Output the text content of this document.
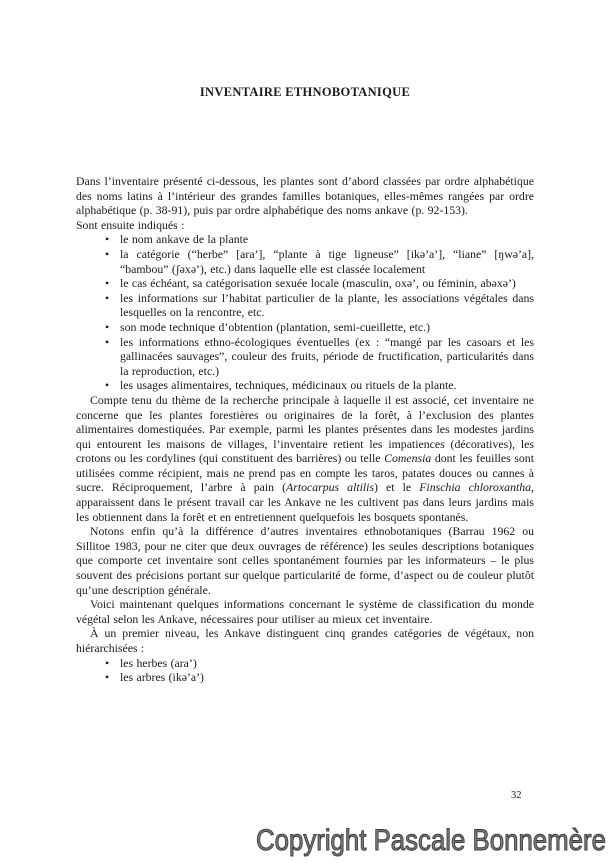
INVENTAIRE ETHNOBOTANIQUE

Dans l’inventaire présenté ci-dessous, les plantes sont d’abord classées par ordre alphabétique des noms latins à l’intérieur des grandes familles botaniques, elles-mêmes rangées par ordre alphabétique (p. 38-91), puis par ordre alphabétique des noms ankave (p. 92-153).

Sont ensuite indiqués :

• le nom ankave de la plante
• la catégorie (“herbe” [ara’], “plante à tige ligneuse” [ikə’a’], “liane” [ŋwə’a], “bambou” (ʃəxə’), etc.) dans laquelle elle est classée localement
• le cas échéant, sa catégorisation sexuée locale (masculin, oxə’, ou féminin, abəxə’)
• les informations sur l’habitat particulier de la plante, les associations végétales dans lesquelles on la rencontre, etc.
• son mode technique d’obtention (plantation, semi-cueillette, etc.)
• les informations ethno-écologiques éventuelles (ex : “mangé par les casoars et les gallinacées sauvages”, couleur des fruits, période de fructification, particularités dans la reproduction, etc.)
• les usages alimentaires, techniques, médicinaux ou rituels de la plante.

Compte tenu du thème de la recherche principale à laquelle il est associé, cet inventaire ne concerne que les plantes forestières ou originaires de la forêt, à l’exclusion des plantes alimentaires domestiquées. Par exemple, parmi les plantes présentes dans les modestes jardins qui entourent les maisons de villages, l’inventaire retient les impatiences (décoratives), les crotons ou les cordylines (qui constituent des barrières) ou telle Comensia dont les feuilles sont utilisées comme récipient, mais ne prend pas en compte les taros, patates douces ou cannes à sucre. Réciproquement, l’arbre à pain (Artocarpus altilis) et le Finschia chloroxantha, apparaissent dans le présent travail car les Ankave ne les cultivent pas dans leurs jardins mais les obtiennent dans la forêt et en entretiennent quelquefois les bosquets spontanés.

Notons enfin qu’à la différence d’autres inventaires ethnobotaniques (Barrau 1962 ou Sillitoe 1983, pour ne citer que deux ouvrages de référence) les seules descriptions botaniques que comporte cet inventaire sont celles spontanément fournies par les informateurs – le plus souvent des précisions portant sur quelque particularité de forme, d’aspect ou de couleur plutôt qu’une description générale.

Voici maintenant quelques informations concernant le système de classification du monde végétal selon les Ankave, nécessaires pour utiliser au mieux cet inventaire.

À un premier niveau, les Ankave distinguent cinq grandes catégories de végétaux, non hiérarchisées :

• les herbes (ara’)
• les arbres (ikə’a’)
32
Copyright Pascale Bonnemère
